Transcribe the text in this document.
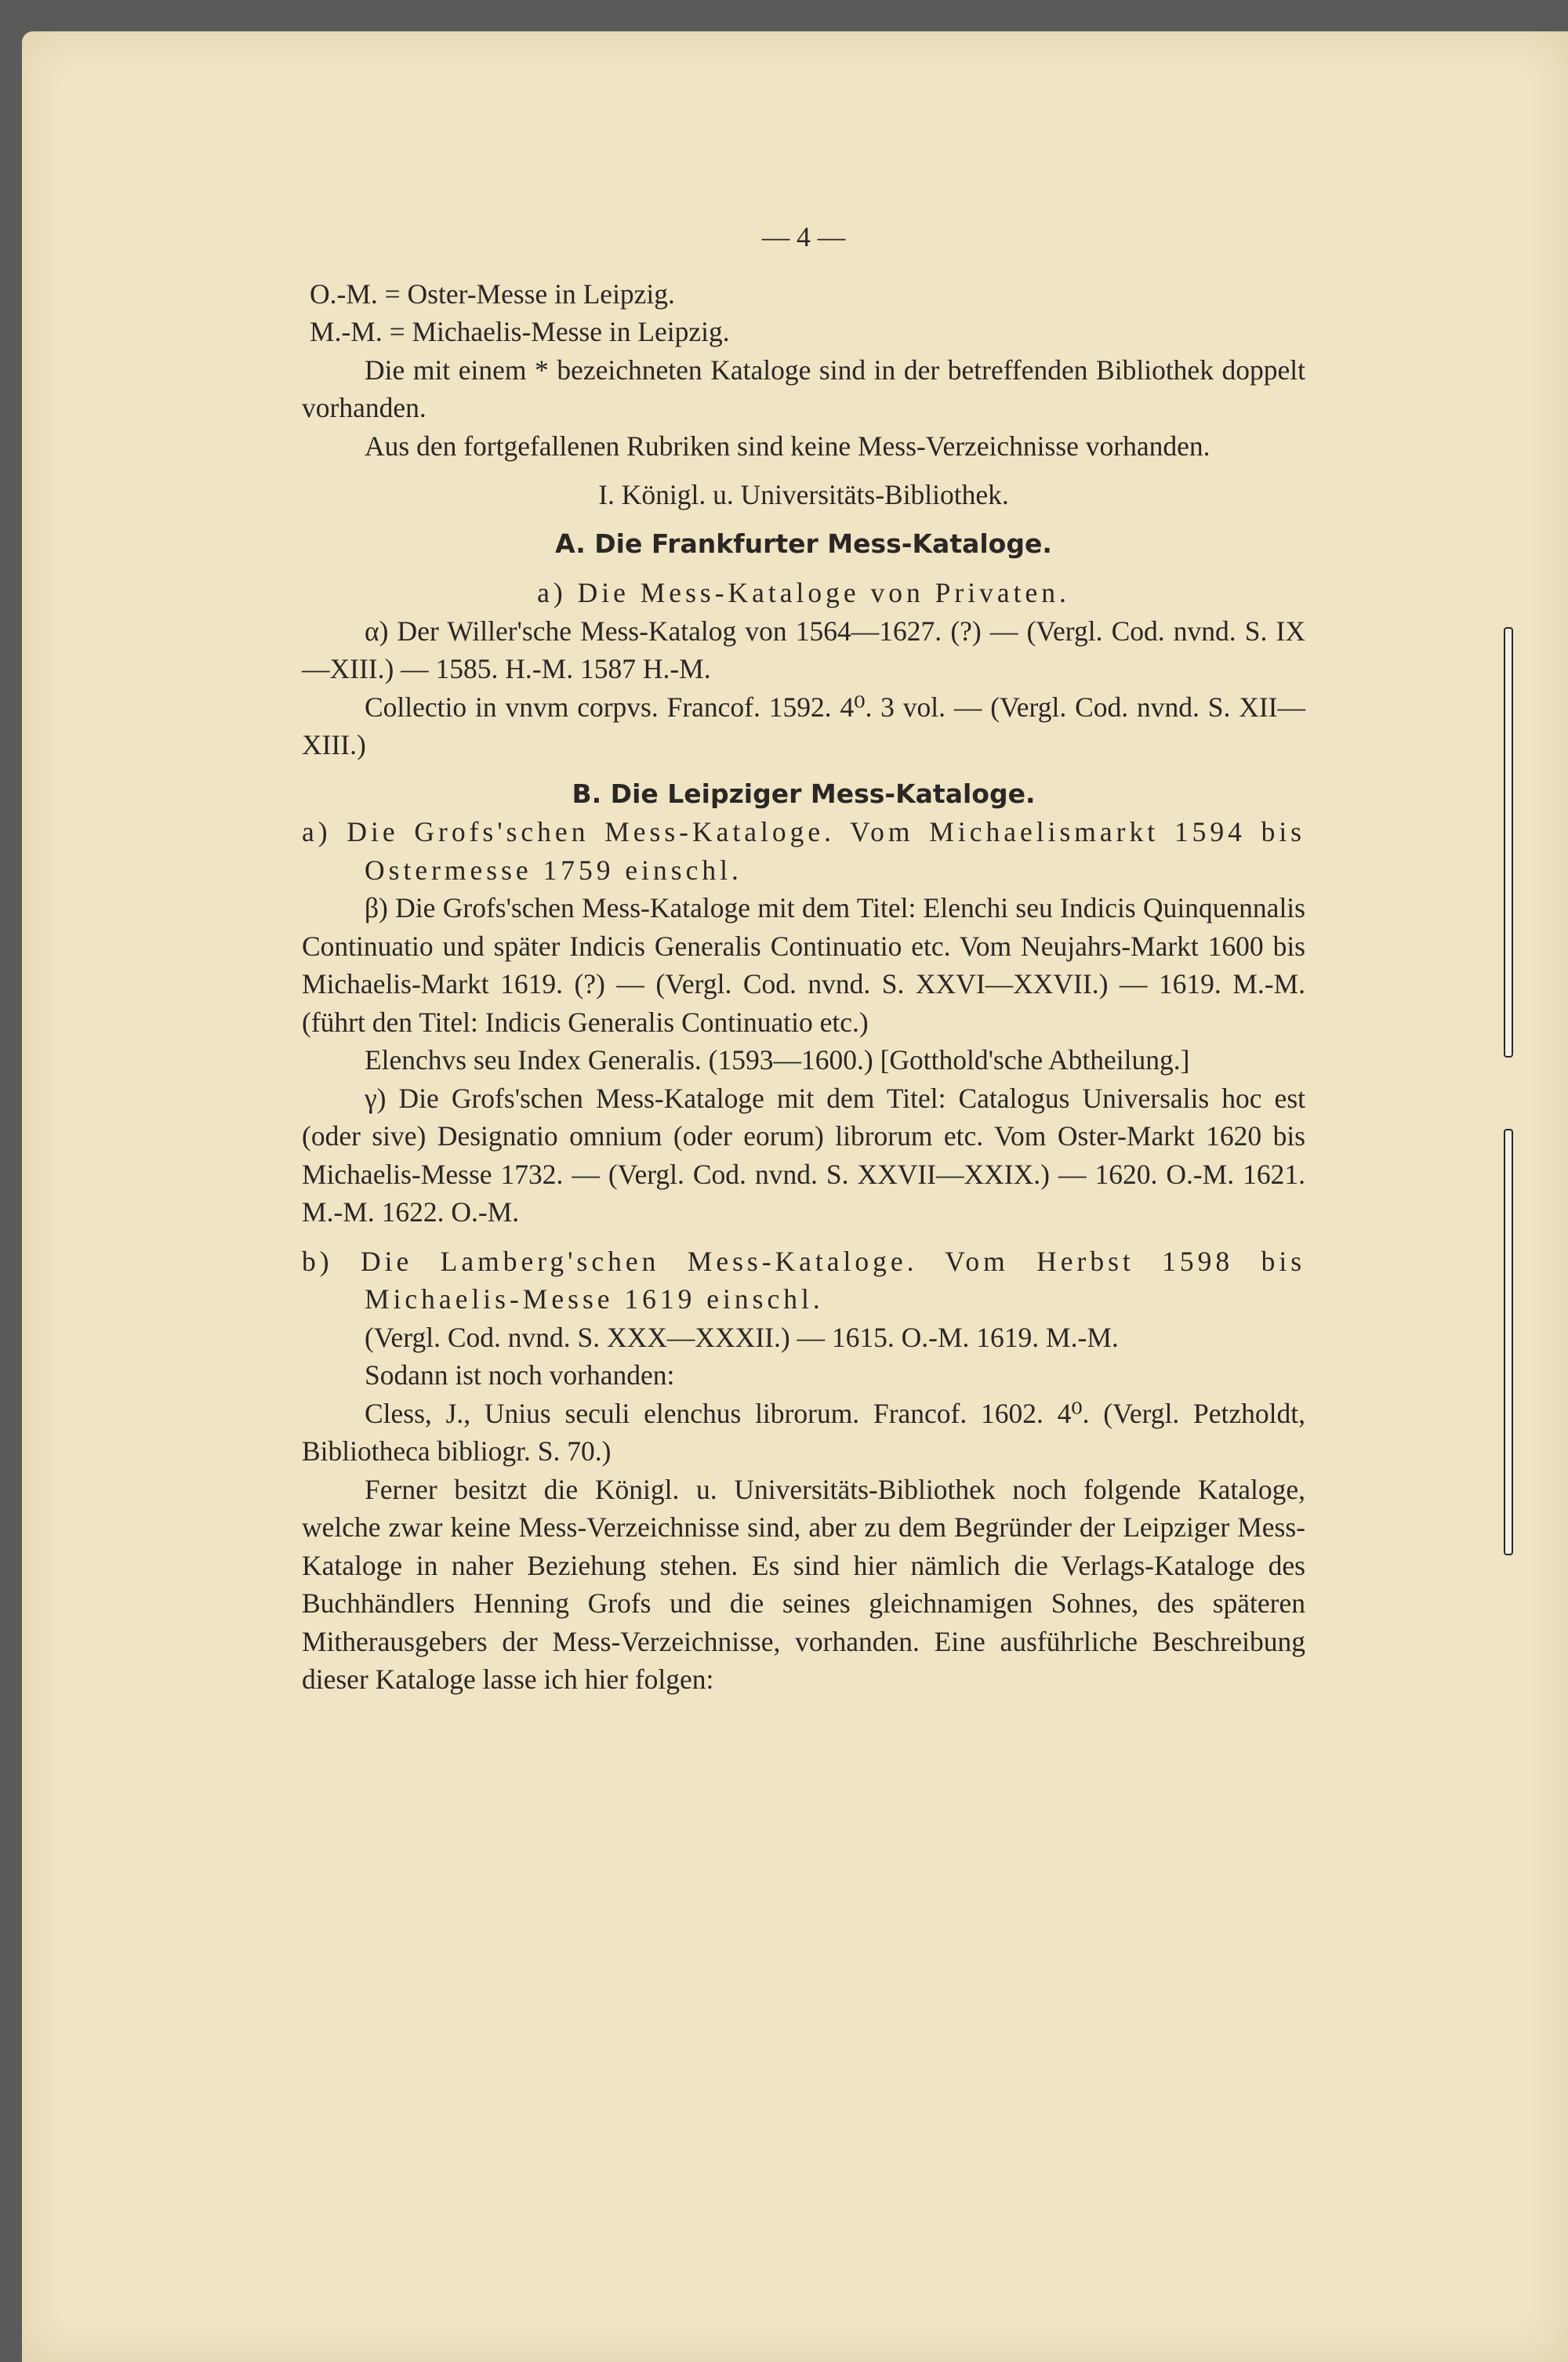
— 4 —

O.-M. = Oster-Messe in Leipzig.

M.-M. = Michaelis-Messe in Leipzig.

Die mit einem * bezeichneten Kataloge sind in der betreffenden Bibliothek doppelt vorhanden.

Aus den fortgefallenen Rubriken sind keine Mess-Verzeichnisse vorhanden.

I. Königl. u. Universitäts-Bibliothek.

A. Die Frankfurter Mess-Kataloge.

a) Die Mess-Kataloge von Privaten.

α) Der Willer'sche Mess-Katalog von 1564—1627. (?) — (Vergl. Cod. nvnd. S. IX—XIII.) — 1585. H.-M. 1587 H.-M.

Collectio in vnvm corpvs. Francof. 1592. 4⁰. 3 vol. — (Vergl. Cod. nvnd. S. XII—XIII.)

B. Die Leipziger Mess-Kataloge.

a) Die Grofs'schen Mess-Kataloge. Vom Michaelismarkt 1594 bis Ostermesse 1759 einschl.

β) Die Grofs'schen Mess-Kataloge mit dem Titel: Elenchi seu Indicis Quinquennalis Continuatio und später Indicis Generalis Continuatio etc. Vom Neujahrs-Markt 1600 bis Michaelis-Markt 1619. (?) — (Vergl. Cod. nvnd. S. XXVI—XXVII.) — 1619. M.-M. (führt den Titel: Indicis Generalis Continuatio etc.)

Elenchvs seu Index Generalis. (1593—1600.) [Gotthold'sche Abtheilung.]

γ) Die Grofs'schen Mess-Kataloge mit dem Titel: Catalogus Universalis hoc est (oder sive) Designatio omnium (oder eorum) librorum etc. Vom Oster-Markt 1620 bis Michaelis-Messe 1732. — (Vergl. Cod. nvnd. S. XXVII—XXIX.) — 1620. O.-M. 1621. M.-M. 1622. O.-M.

b) Die Lamberg'schen Mess-Kataloge. Vom Herbst 1598 bis Michaelis-Messe 1619 einschl.

(Vergl. Cod. nvnd. S. XXX—XXXII.) — 1615. O.-M. 1619. M.-M.

Sodann ist noch vorhanden:

Cless, J., Unius seculi elenchus librorum. Francof. 1602. 4⁰. (Vergl. Petzholdt, Bibliotheca bibliogr. S. 70.)

Ferner besitzt die Königl. u. Universitäts-Bibliothek noch folgende Kataloge, welche zwar keine Mess-Verzeichnisse sind, aber zu dem Begründer der Leipziger Mess-Kataloge in naher Beziehung stehen. Es sind hier nämlich die Verlags-Kataloge des Buchhändlers Henning Grofs und die seines gleichnamigen Sohnes, des späteren Mitherausgebers der Mess-Verzeichnisse, vorhanden. Eine ausführliche Beschreibung dieser Kataloge lasse ich hier folgen:
